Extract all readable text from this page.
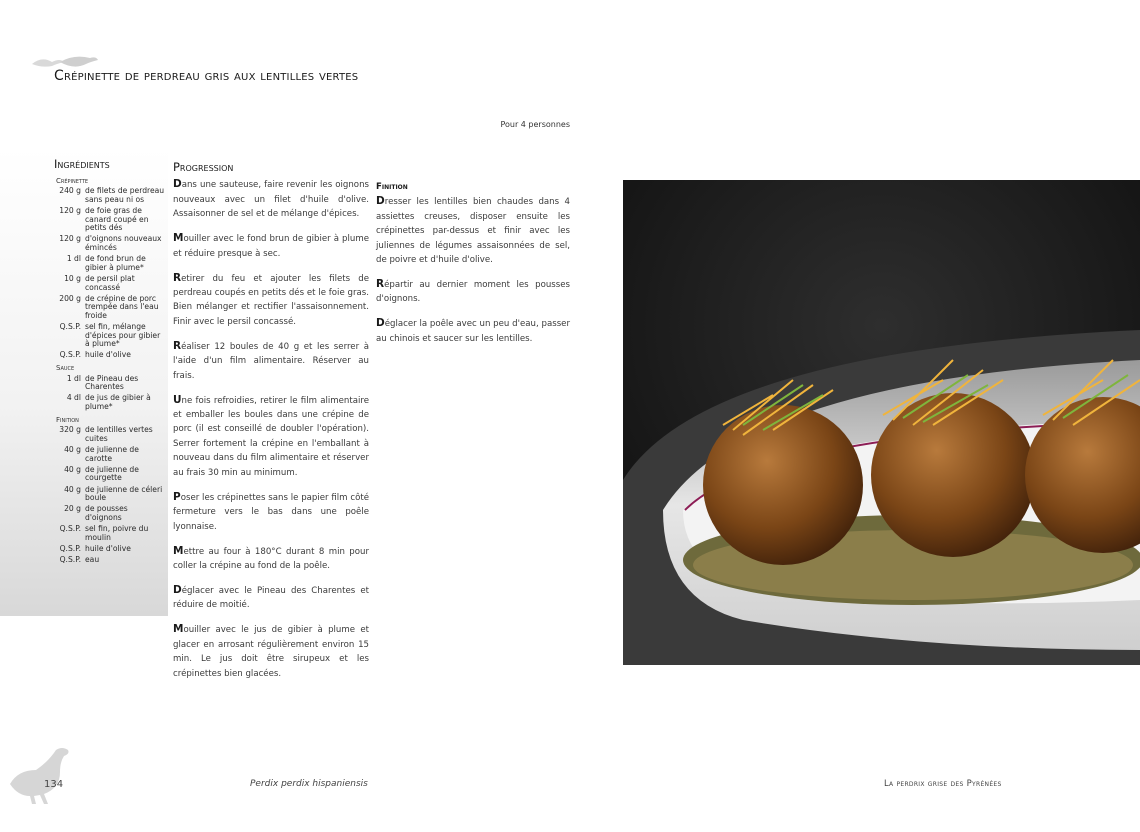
Crépinette de perdreau gris aux lentilles vertes
Pour 4 personnes
Ingrédients
Crépinette
240 g de filets de perdreau sans peau ni os
120 g de foie gras de canard coupé en petits dés
120 g d'oignons nouveaux émincés
1 dl de fond brun de gibier à plume*
10 g de persil plat concassé
200 g de crépine de porc trempée dans l'eau froide
Q.S.P. sel fin, mélange d'épices pour gibier à plume*
Q.S.P. huile d'olive
Sauce
1 dl de Pineau des Charentes
4 dl de jus de gibier à plume*
Finition
320 g de lentilles vertes cuites
40 g de julienne de carotte
40 g de julienne de courgette
40 g de julienne de céleri boule
20 g de pousses d'oignons
Q.S.P. sel fin, poivre du moulin
Q.S.P. huile d'olive
Q.S.P. eau
Progression

Dans une sauteuse, faire revenir les oignons nouveaux avec un filet d'huile d'olive. Assaisonner de sel et de mélange d'épices.

Mouiller avec le fond brun de gibier à plume et réduire presque à sec.

Retirer du feu et ajouter les filets de perdreau coupés en petits dés et le foie gras. Bien mélanger et rectifier l'assaisonnement. Finir avec le persil concassé.

Réaliser 12 boules de 40 g et les serrer à l'aide d'un film alimentaire. Réserver au frais.

Une fois refroidies, retirer le film alimentaire et emballer les boules dans une crépine de porc (il est conseillé de doubler l'opération). Serrer fortement la crépine en l'emballant à nouveau dans du film alimentaire et réserver au frais 30 min au minimum.

Poser les crépinettes sans le papier film côté fermeture vers le bas dans une poêle lyonnaise.

Mettre au four à 180°C durant 8 min pour coller la crépine au fond de la poêle.

Déglacer avec le Pineau des Charentes et réduire de moitié.

Mouiller avec le jus de gibier à plume et glacer en arrosant régulièrement environ 15 min. Le jus doit être sirupeux et les crépinettes bien glacées.

Finition

Dresser les lentilles bien chaudes dans 4 assiettes creuses, disposer ensuite les crépinettes par-dessus et finir avec les juliennes de légumes assaisonnées de sel, de poivre et d'huile d'olive.

Répartir au dernier moment les pousses d'oignons.

Déglacer la poêle avec un peu d'eau, passer au chinois et saucer sur les lentilles.

134	Perdix perdix hispaniensis	La perdrix grise des Pyrénées
